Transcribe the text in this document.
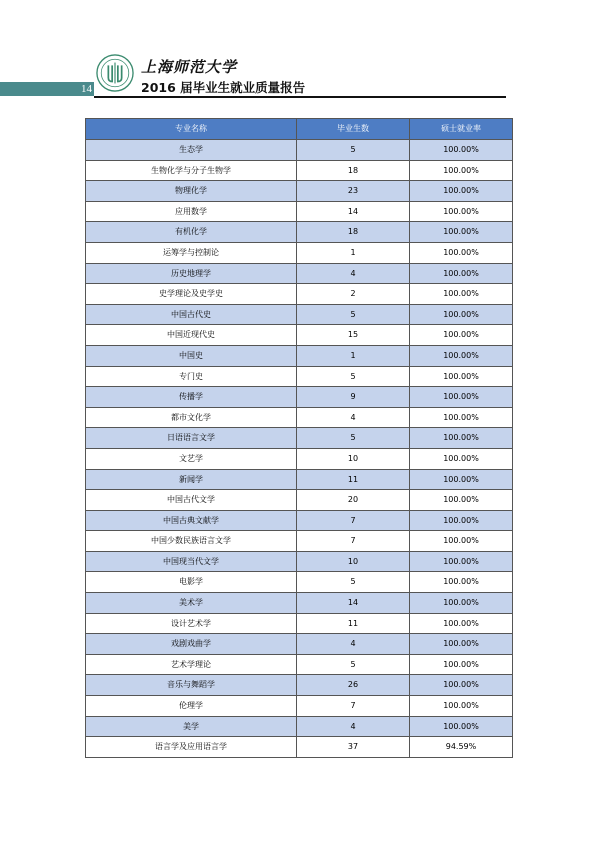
14
上海师范大学
2016 届毕业生就业质量报告
专业名称	毕业生数	硕士就业率
生态学	5	100.00%
生物化学与分子生物学	18	100.00%
物理化学	23	100.00%
应用数学	14	100.00%
有机化学	18	100.00%
运筹学与控制论	1	100.00%
历史地理学	4	100.00%
史学理论及史学史	2	100.00%
中国古代史	5	100.00%
中国近现代史	15	100.00%
中国史	1	100.00%
专门史	5	100.00%
传播学	9	100.00%
都市文化学	4	100.00%
日语语言文学	5	100.00%
文艺学	10	100.00%
新闻学	11	100.00%
中国古代文学	20	100.00%
中国古典文献学	7	100.00%
中国少数民族语言文学	7	100.00%
中国现当代文学	10	100.00%
电影学	5	100.00%
美术学	14	100.00%
设计艺术学	11	100.00%
戏剧戏曲学	4	100.00%
艺术学理论	5	100.00%
音乐与舞蹈学	26	100.00%
伦理学	7	100.00%
美学	4	100.00%
语言学及应用语言学	37	94.59%
